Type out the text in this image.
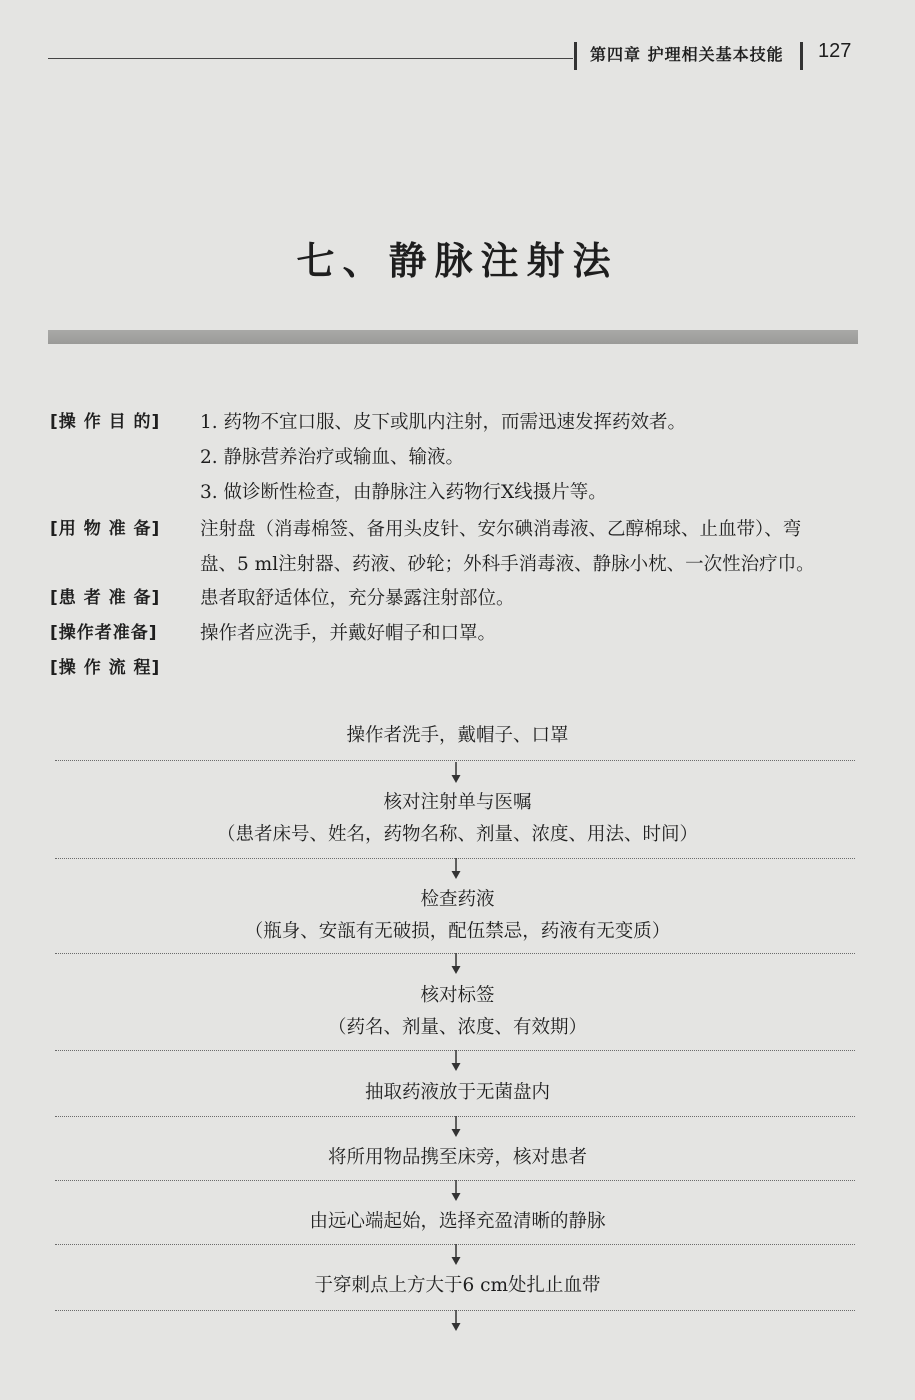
第四章 护理相关基本技能 127
七、静脉注射法
[操 作 目 的]	1. 药物不宜口服、皮下或肌内注射，而需迅速发挥药效者。
2. 静脉营养治疗或输血、输液。
3. 做诊断性检查，由静脉注入药物行X线摄片等。
[用 物 准 备]	注射盘（消毒棉签、备用头皮针、安尔碘消毒液、乙醇棉球、止血带）、弯
盘、5 ml注射器、药液、砂轮；外科手消毒液、静脉小枕、一次性治疗巾。
[患 者 准 备]	患者取舒适体位，充分暴露注射部位。
[操作者准备]	操作者应洗手，并戴好帽子和口罩。
[操 作 流 程]
操作者洗手，戴帽子、口罩
核对注射单与医嘱
（患者床号、姓名，药物名称、剂量、浓度、用法、时间）
检查药液
（瓶身、安瓿有无破损，配伍禁忌，药液有无变质）
核对标签
（药名、剂量、浓度、有效期）
抽取药液放于无菌盘内
将所用物品携至床旁，核对患者
由远心端起始，选择充盈清晰的静脉
于穿刺点上方大于6 cm处扎止血带
